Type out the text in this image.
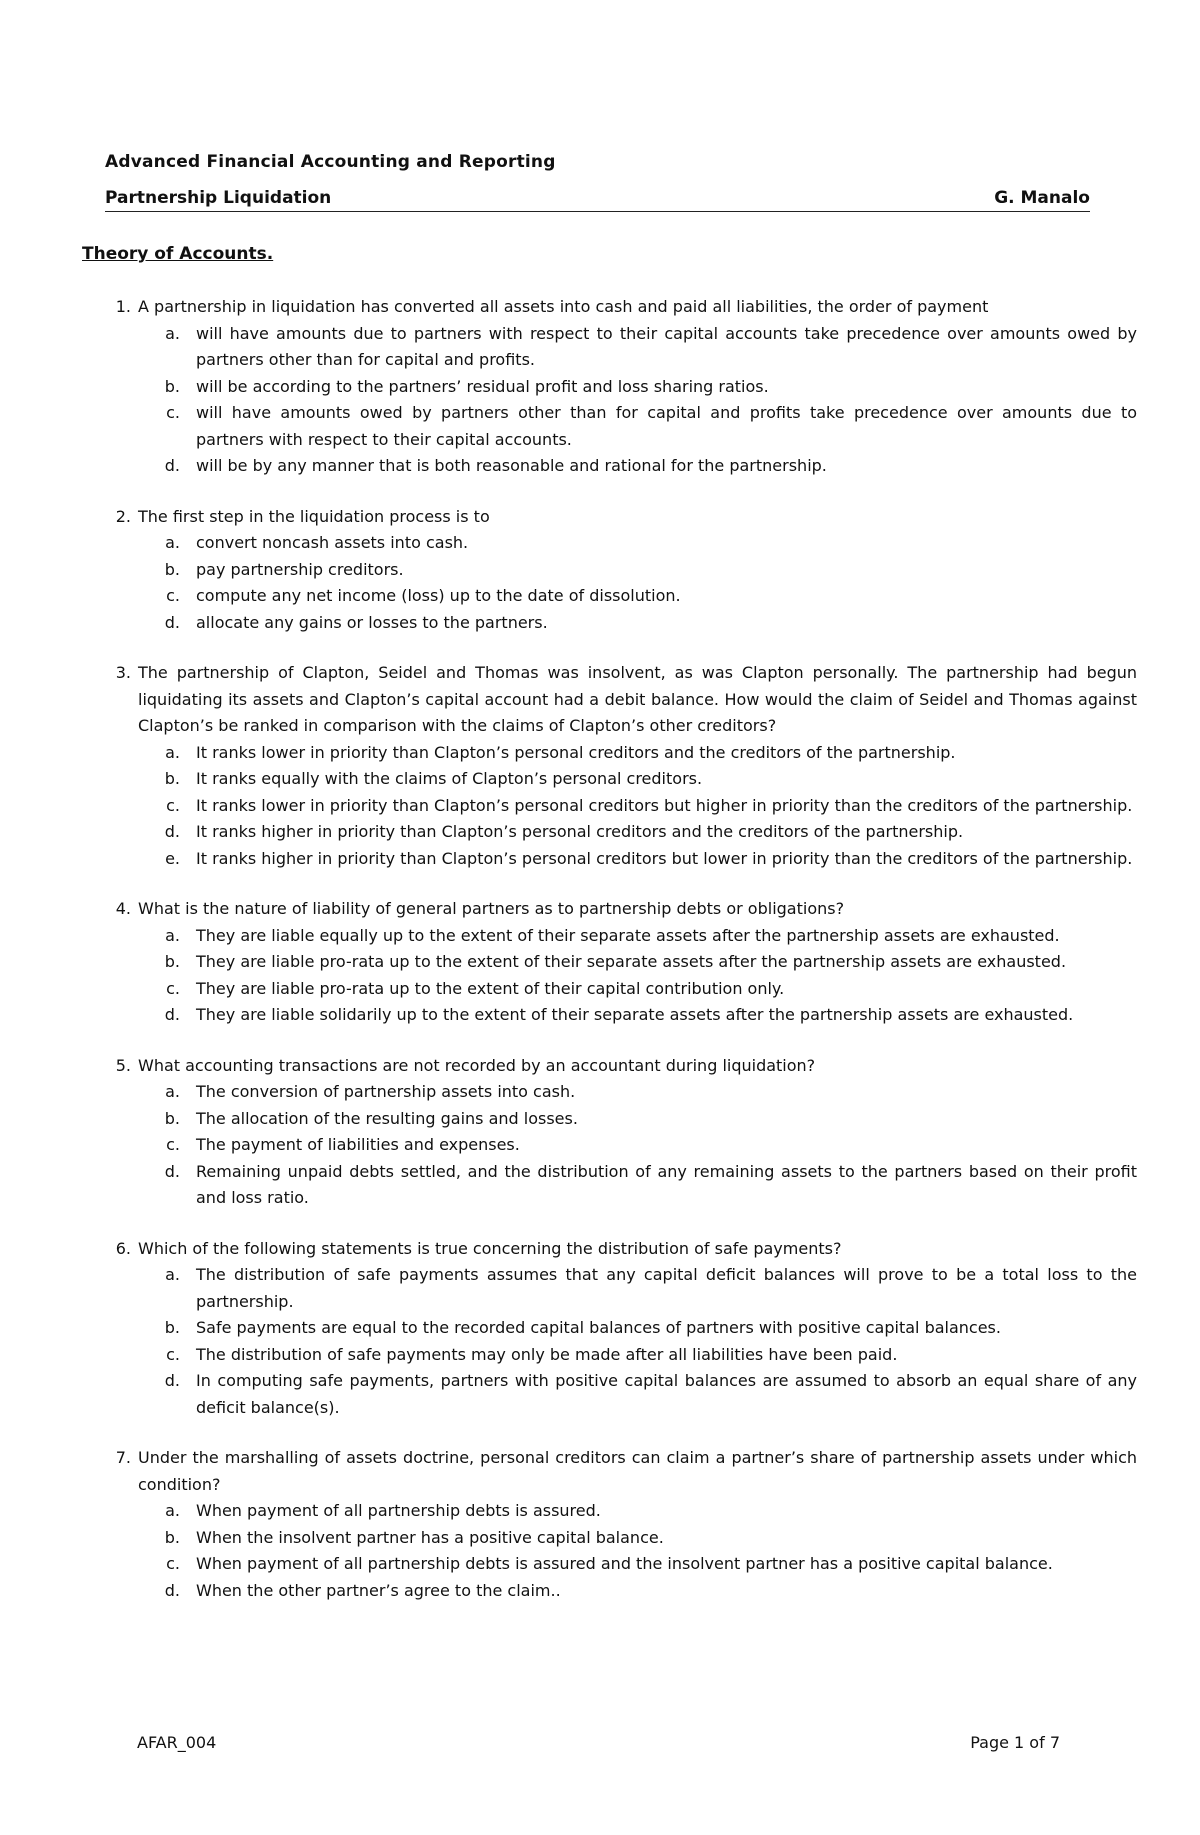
Advanced Financial Accounting and Reporting
Partnership Liquidation	G. Manalo
Theory of Accounts.
1. A partnership in liquidation has converted all assets into cash and paid all liabilities, the order of payment
a.	will have amounts due to partners with respect to their capital accounts take precedence over amounts owed by partners other than for capital and profits.
b.	will be according to the partners’ residual profit and loss sharing ratios.
c.	will have amounts owed by partners other than for capital and profits take precedence over amounts due to partners with respect to their capital accounts.
d.	will be by any manner that is both reasonable and rational for the partnership.
2. The first step in the liquidation process is to
a.	convert noncash assets into cash.
b.	pay partnership creditors.
c.	compute any net income (loss) up to the date of dissolution.
d.	allocate any gains or losses to the partners.
3. The partnership of Clapton, Seidel and Thomas was insolvent, as was Clapton personally. The partnership had begun liquidating its assets and Clapton’s capital account had a debit balance. How would the claim of Seidel and Thomas against Clapton’s be ranked in comparison with the claims of Clapton’s other creditors?
a.	It ranks lower in priority than Clapton’s personal creditors and the creditors of the partnership.
b.	It ranks equally with the claims of Clapton’s personal creditors.
c.	It ranks lower in priority than Clapton’s personal creditors but higher in priority than the creditors of the partnership.
d.	It ranks higher in priority than Clapton’s personal creditors and the creditors of the partnership.
e.	It ranks higher in priority than Clapton’s personal creditors but lower in priority than the creditors of the partnership.
4. What is the nature of liability of general partners as to partnership debts or obligations?
a.	They are liable equally up to the extent of their separate assets after the partnership assets are exhausted.
b.	They are liable pro-rata up to the extent of their separate assets after the partnership assets are exhausted.
c.	They are liable pro-rata up to the extent of their capital contribution only.
d.	They are liable solidarily up to the extent of their separate assets after the partnership assets are exhausted.
5. What accounting transactions are not recorded by an accountant during liquidation?
a.	The conversion of partnership assets into cash.
b.	The allocation of the resulting gains and losses.
c.	The payment of liabilities and expenses.
d.	Remaining unpaid debts settled, and the distribution of any remaining assets to the partners based on their profit and loss ratio.
6. Which of the following statements is true concerning the distribution of safe payments?
a.	The distribution of safe payments assumes that any capital deficit balances will prove to be a total loss to the partnership.
b.	Safe payments are equal to the recorded capital balances of partners with positive capital balances.
c.	The distribution of safe payments may only be made after all liabilities have been paid.
d.	In computing safe payments, partners with positive capital balances are assumed to absorb an equal share of any deficit balance(s).
7. Under the marshalling of assets doctrine, personal creditors can claim a partner’s share of partnership assets under which condition?
a.	When payment of all partnership debts is assured.
b.	When the insolvent partner has a positive capital balance.
c.	When payment of all partnership debts is assured and the insolvent partner has a positive capital balance.
d.	When the other partner’s agree to the claim..
AFAR_004	Page 1 of 7
